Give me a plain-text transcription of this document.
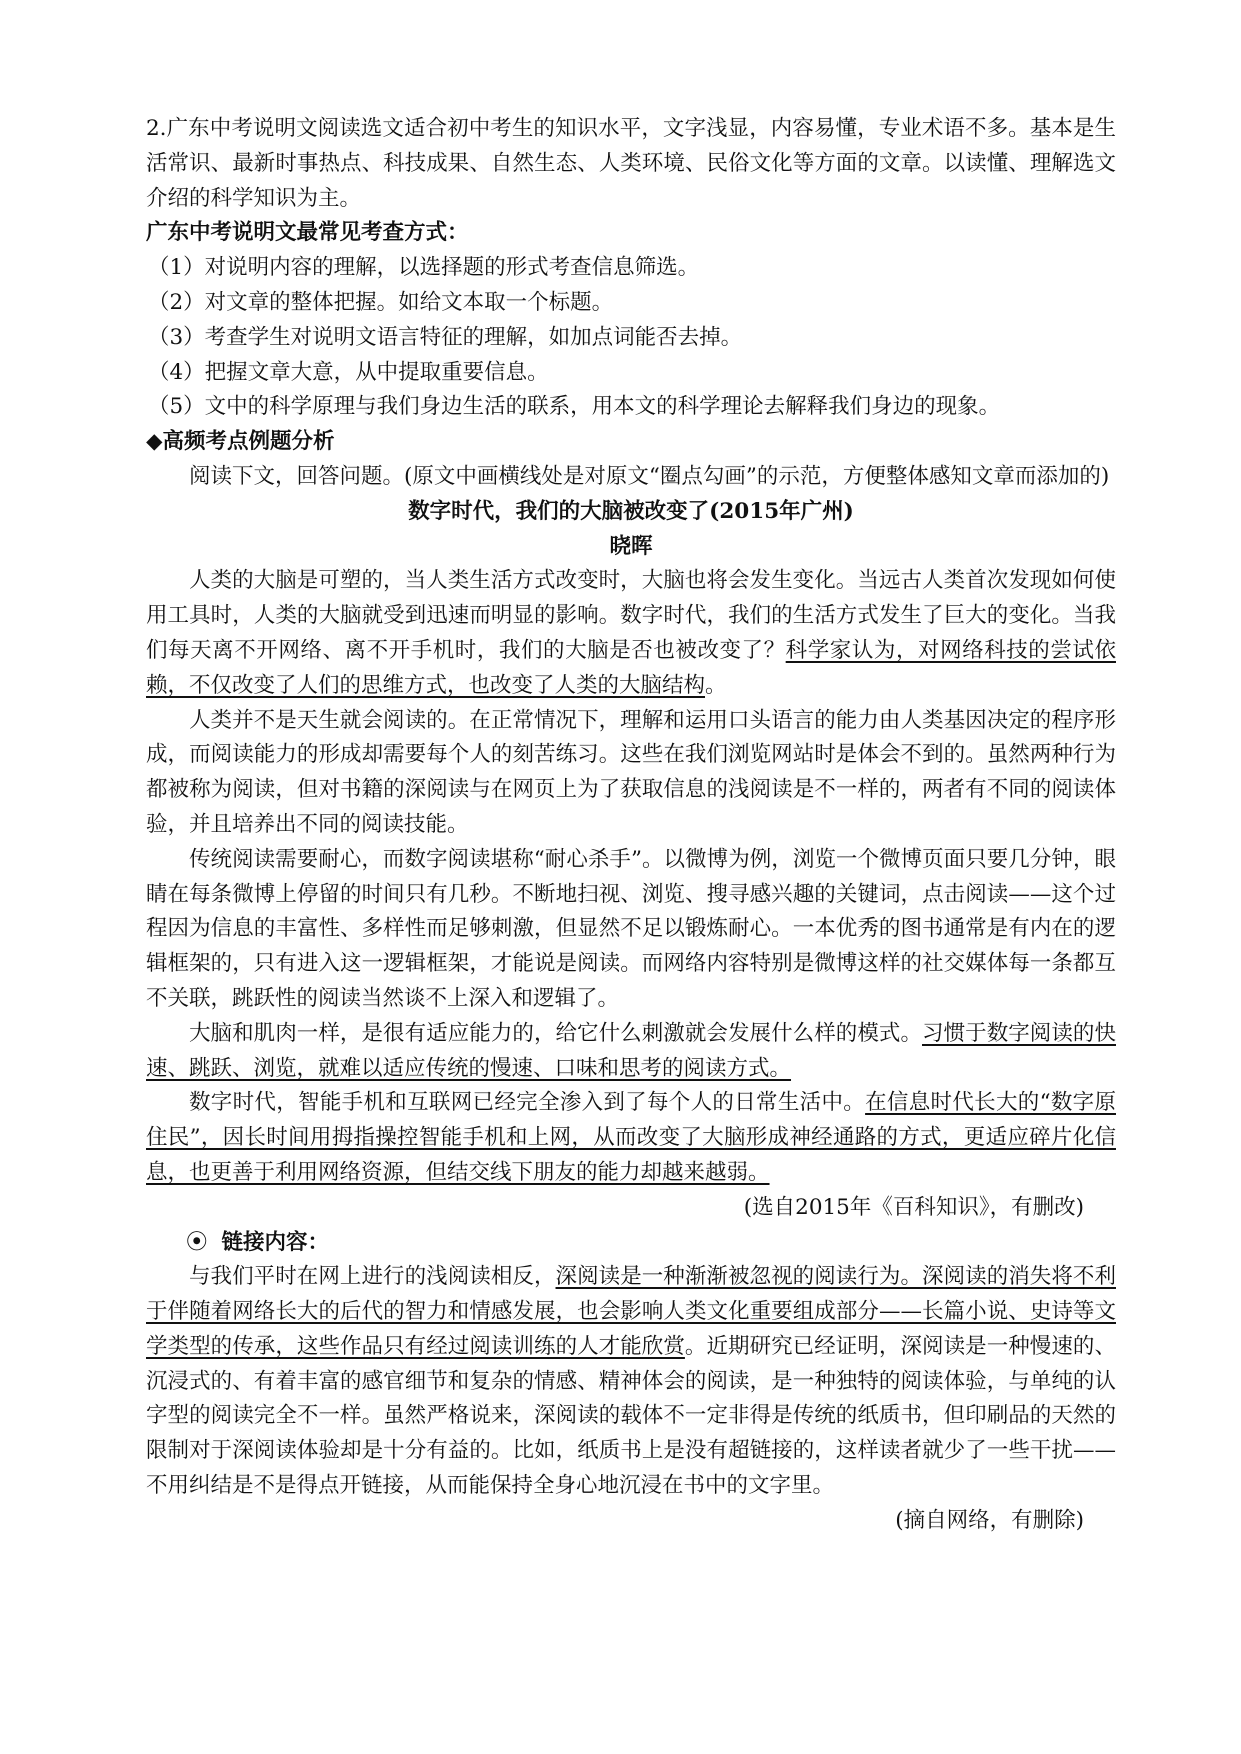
2.广东中考说明文阅读选文适合初中考生的知识水平，文字浅显，内容易懂，专业术语不多。基本是生活常识、最新时事热点、科技成果、自然生态、人类环境、民俗文化等方面的文章。以读懂、理解选文介绍的科学知识为主。

广东中考说明文最常见考查方式：

（1）对说明内容的理解，以选择题的形式考查信息筛选。

（2）对文章的整体把握。如给文本取一个标题。

（3）考查学生对说明文语言特征的理解，如加点词能否去掉。

（4）把握文章大意，从中提取重要信息。

（5）文中的科学原理与我们身边生活的联系，用本文的科学理论去解释我们身边的现象。

◆高频考点例题分析

阅读下文，回答问题。(原文中画横线处是对原文“圈点勾画”的示范，方便整体感知文章而添加的)

数字时代，我们的大脑被改变了(2015年广州)

晓晖

人类的大脑是可塑的，当人类生活方式改变时，大脑也将会发生变化。当远古人类首次发现如何使用工具时，人类的大脑就受到迅速而明显的影响。数字时代，我们的生活方式发生了巨大的变化。当我们每天离不开网络、离不开手机时，我们的大脑是否也被改变了？科学家认为，对网络科技的尝试依赖，不仅改变了人们的思维方式，也改变了人类的大脑结构。

人类并不是天生就会阅读的。在正常情况下，理解和运用口头语言的能力由人类基因决定的程序形成，而阅读能力的形成却需要每个人的刻苦练习。这些在我们浏览网站时是体会不到的。虽然两种行为都被称为阅读，但对书籍的深阅读与在网页上为了获取信息的浅阅读是不一样的，两者有不同的阅读体验，并且培养出不同的阅读技能。

传统阅读需要耐心，而数字阅读堪称“耐心杀手”。以微博为例，浏览一个微博页面只要几分钟，眼睛在每条微博上停留的时间只有几秒。不断地扫视、浏览、搜寻感兴趣的关键词，点击阅读——这个过程因为信息的丰富性、多样性而足够刺激，但显然不足以锻炼耐心。一本优秀的图书通常是有内在的逻辑框架的，只有进入这一逻辑框架，才能说是阅读。而网络内容特别是微博这样的社交媒体每一条都互不关联，跳跃性的阅读当然谈不上深入和逻辑了。

大脑和肌肉一样，是很有适应能力的，给它什么刺激就会发展什么样的模式。习惯于数字阅读的快速、跳跃、浏览，就难以适应传统的慢速、口味和思考的阅读方式。

数字时代，智能手机和互联网已经完全渗入到了每个人的日常生活中。在信息时代长大的“数字原住民”，因长时间用拇指操控智能手机和上网，从而改变了大脑形成神经通路的方式，更适应碎片化信息，也更善于利用网络资源，但结交线下朋友的能力却越来越弱。

(选自2015年《百科知识》，有删改)

⦿ 链接内容：

与我们平时在网上进行的浅阅读相反，深阅读是一种渐渐被忽视的阅读行为。深阅读的消失将不利于伴随着网络长大的后代的智力和情感发展，也会影响人类文化重要组成部分——长篇小说、史诗等文学类型的传承，这些作品只有经过阅读训练的人才能欣赏。近期研究已经证明，深阅读是一种慢速的、沉浸式的、有着丰富的感官细节和复杂的情感、精神体会的阅读，是一种独特的阅读体验，与单纯的认字型的阅读完全不一样。虽然严格说来，深阅读的载体不一定非得是传统的纸质书，但印刷品的天然的限制对于深阅读体验却是十分有益的。比如，纸质书上是没有超链接的，这样读者就少了一些干扰——不用纠结是不是得点开链接，从而能保持全身心地沉浸在书中的文字里。

(摘自网络，有删除)
